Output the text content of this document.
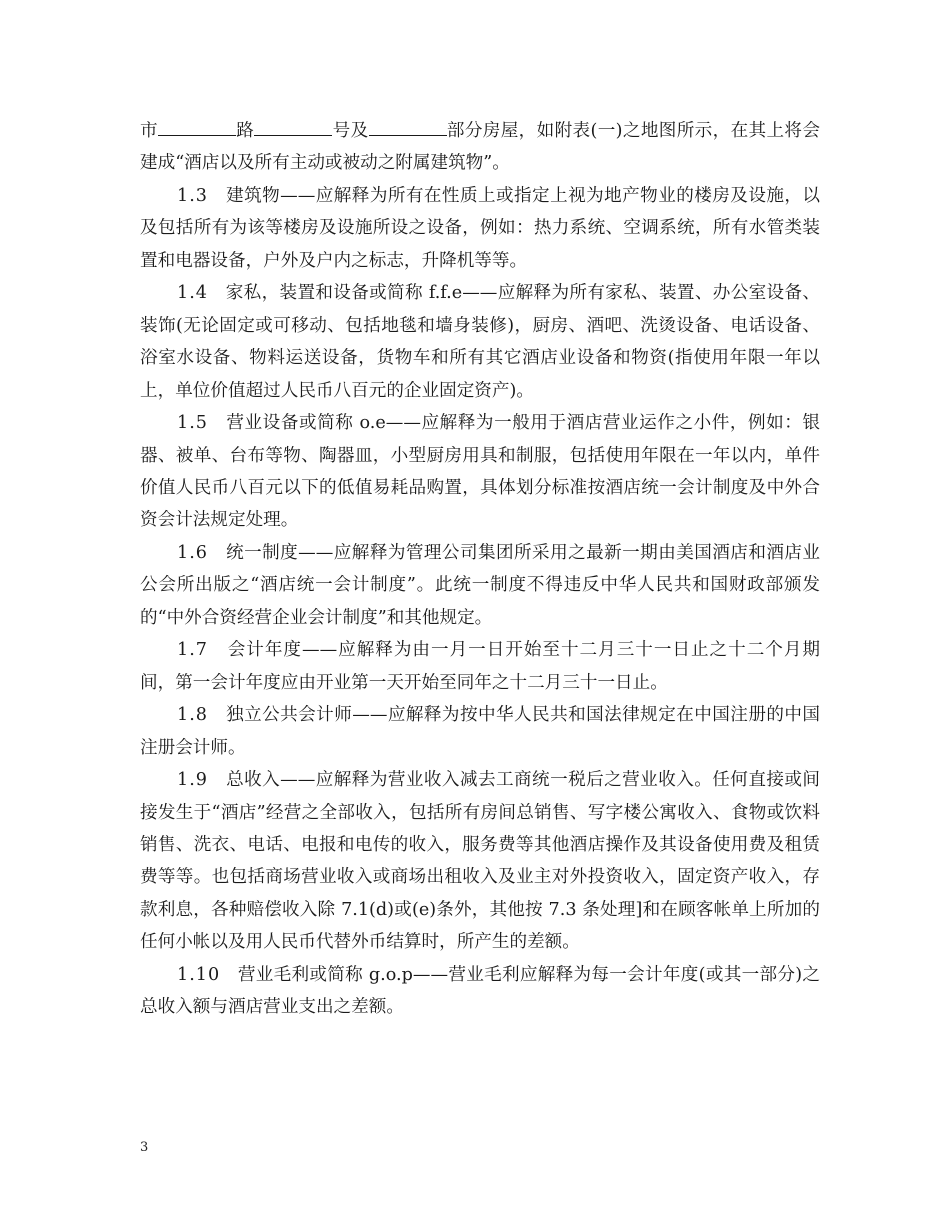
市	路	号及	部分房屋，如附表(一)之地图所示，在其上将会建成“酒店以及所有主动或被动之附属建筑物”。

1.3 建筑物——应解释为所有在性质上或指定上视为地产物业的楼房及设施，以及包括所有为该等楼房及设施所设之设备，例如：热力系统、空调系统，所有水管类装置和电器设备，户外及户内之标志，升降机等等。

1.4 家私，装置和设备或简称 f.f.e——应解释为所有家私、装置、办公室设备、装饰(无论固定或可移动、包括地毯和墙身装修)，厨房、酒吧、洗烫设备、电话设备、浴室水设备、物料运送设备，货物车和所有其它酒店业设备和物资(指使用年限一年以上，单位价值超过人民币八百元的企业固定资产)。

1.5 营业设备或简称 o.e——应解释为一般用于酒店营业运作之小件，例如：银器、被单、台布等物、陶器皿，小型厨房用具和制服，包括使用年限在一年以内，单件价值人民币八百元以下的低值易耗品购置，具体划分标准按酒店统一会计制度及中外合资会计法规定处理。

1.6 统一制度——应解释为管理公司集团所采用之最新一期由美国酒店和酒店业公会所出版之“酒店统一会计制度”。此统一制度不得违反中华人民共和国财政部颁发的“中外合资经营企业会计制度”和其他规定。

1.7 会计年度——应解释为由一月一日开始至十二月三十一日止之十二个月期间，第一会计年度应由开业第一天开始至同年之十二月三十一日止。

1.8 独立公共会计师——应解释为按中华人民共和国法律规定在中国注册的中国注册会计师。

1.9 总收入——应解释为营业收入减去工商统一税后之营业收入。任何直接或间接发生于“酒店”经营之全部收入，包括所有房间总销售、写字楼公寓收入、食物或饮料销售、洗衣、电话、电报和电传的收入，服务费等其他酒店操作及其设备使用费及租赁费等等。也包括商场营业收入或商场出租收入及业主对外投资收入，固定资产收入，存款利息，各种赔偿收入除 7.1(d)或(e)条外，其他按 7.3 条处理]和在顾客帐单上所加的任何小帐以及用人民币代替外币结算时，所产生的差额。

1.10 营业毛利或简称 g.o.p——营业毛利应解释为每一会计年度(或其一部分)之总收入额与酒店营业支出之差额。

3
